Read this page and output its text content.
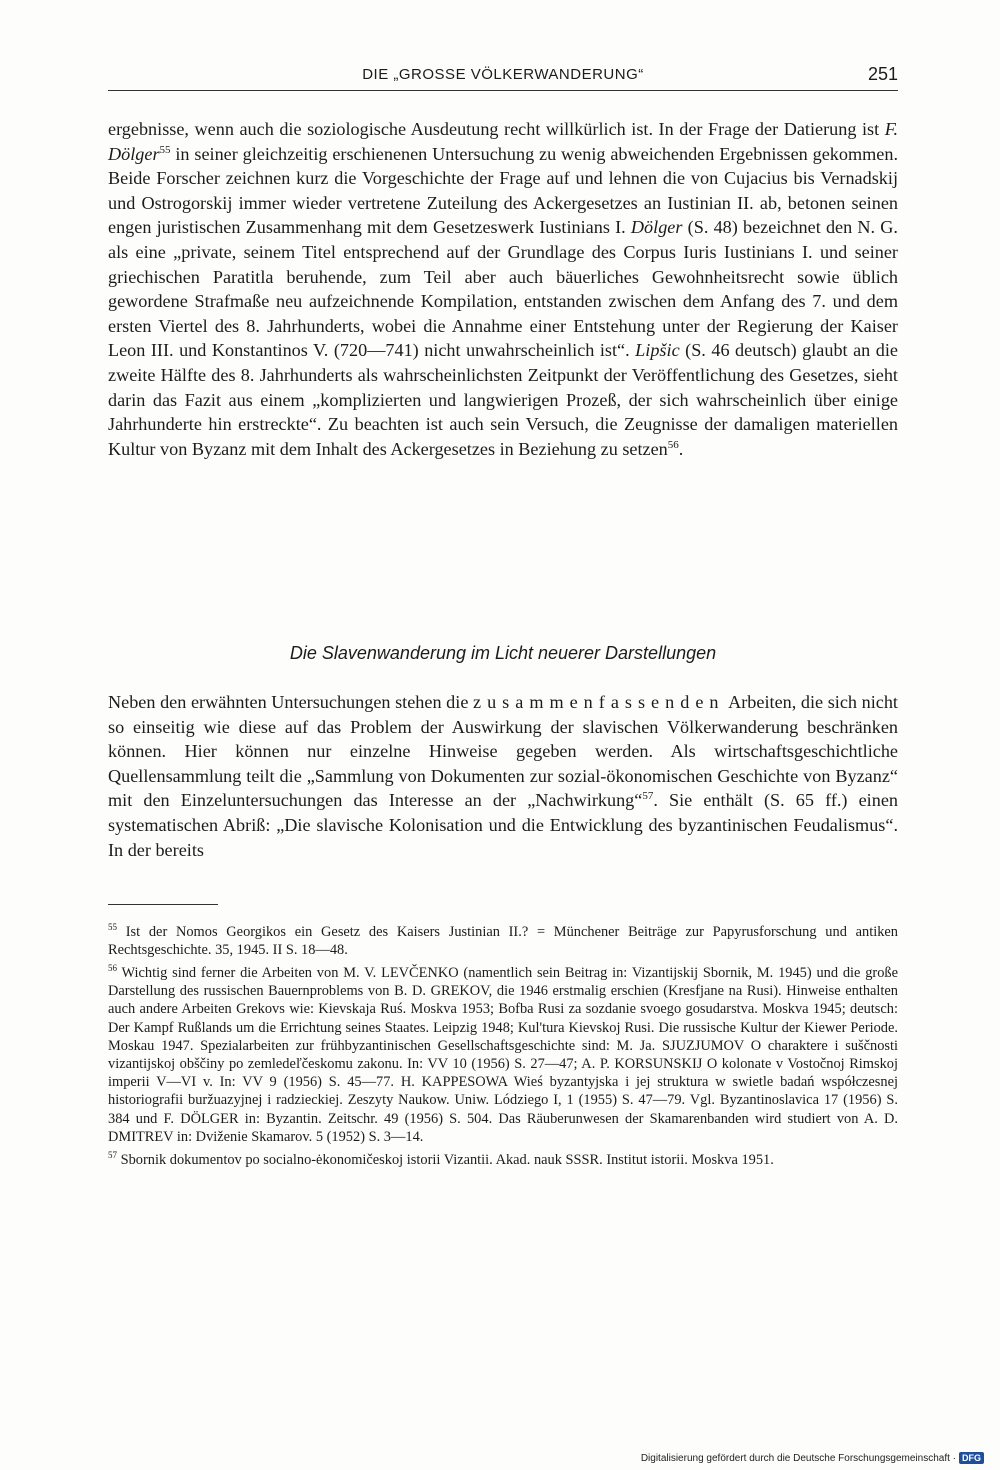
DIE „GROSSE VÖLKERWANDERUNG“	251

ergebnisse, wenn auch die soziologische Ausdeutung recht willkürlich ist. In der Frage der Datierung ist F. Dölger$^{55}$ in seiner gleichzeitig erschienenen Untersuchung zu wenig abweichenden Ergebnissen gekommen. Beide Forscher zeichnen kurz die Vorgeschichte der Frage auf und lehnen die von Cujacius bis Vernadskij und Ostrogorskij immer wieder vertretene Zuteilung des Ackergesetzes an Iustinian II. ab, betonen seinen engen juristischen Zusammenhang mit dem Gesetzeswerk Iustinians I. Dölger (S. 48) bezeichnet den N. G. als eine „private, seinem Titel entsprechend auf der Grundlage des Corpus Iuris Iustinians I. und seiner griechischen Paratitla beruhende, zum Teil aber auch bäuerliches Gewohnheitsrecht sowie üblich gewordene Strafmaße neu aufzeichnende Kompilation, entstanden zwischen dem Anfang des 7. und dem ersten Viertel des 8. Jahrhunderts, wobei die Annahme einer Entstehung unter der Regierung der Kaiser Leon III. und Konstantinos V. (720—741) nicht unwahrscheinlich ist“. Lipšic (S. 46 deutsch) glaubt an die zweite Hälfte des 8. Jahrhunderts als wahrscheinlichsten Zeitpunkt der Veröffentlichung des Gesetzes, sieht darin das Fazit aus einem „komplizierten und langwierigen Prozeß, der sich wahrscheinlich über einige Jahrhunderte hin erstreckte“. Zu beachten ist auch sein Versuch, die Zeugnisse der damaligen materiellen Kultur von Byzanz mit dem Inhalt des Ackergesetzes in Beziehung zu setzen$^{56}$.

Die Slavenwanderung im Licht neuerer Darstellungen

Neben den erwähnten Untersuchungen stehen die zusammenfassenden Arbeiten, die sich nicht so einseitig wie diese auf das Problem der Auswirkung der slavischen Völkerwanderung beschränken können. Hier können nur einzelne Hinweise gegeben werden. Als wirtschaftsgeschichtliche Quellensammlung teilt die „Sammlung von Dokumenten zur sozial-ökonomischen Geschichte von Byzanz“ mit den Einzeluntersuchungen das Interesse an der „Nachwirkung“$^{57}$. Sie enthält (S. 65 ff.) einen systematischen Abriß: „Die slavische Kolonisation und die Entwicklung des byzantinischen Feudalismus“. In der bereits

$^{55}$ Ist der Nomos Georgikos ein Gesetz des Kaisers Justinian II.? = Münchener Beiträge zur Papyrusforschung und antiken Rechtsgeschichte. 35, 1945. II S. 18—48.

$^{56}$ Wichtig sind ferner die Arbeiten von M. V. LEVČENKO (namentlich sein Beitrag in: Vizantijskij Sbornik, M. 1945) und die große Darstellung des russischen Bauernproblems von B. D. GREKOV, die 1946 erstmalig erschien (Kresfjane na Rusi). Hinweise enthalten auch andere Arbeiten Grekovs wie: Kievskaja Ruś. Moskva 1953; Bofba Rusi za sozdanie svoego gosudarstva. Moskva 1945; deutsch: Der Kampf Rußlands um die Errichtung seines Staates. Leipzig 1948; Kul'tura Kievskoj Rusi. Die russische Kultur der Kiewer Periode. Moskau 1947. Spezialarbeiten zur frühbyzantinischen Gesellschaftsgeschichte sind: M. Ja. SJUZJUMOV O charaktere i suščnosti vizantijskoj obščiny po zemledeľčeskomu zakonu. In: VV 10 (1956) S. 27—47; A. P. KORSUNSKIJ O kolonate v Vostočnoj Rimskoj imperii V—VI v. In: VV 9 (1956) S. 45—77. H. KAPPESOWA Wieś byzantyjska i jej struktura w swietle badań współczesnej historiografii buržuazyjnej i radzieckiej. Zeszyty Naukow. Uniw. Lódziego I, 1 (1955) S. 47—79. Vgl. Byzantinoslavica 17 (1956) S. 384 und F. DÖLGER in: Byzantin. Zeitschr. 49 (1956) S. 504. Das Räuberunwesen der Skamarenbanden wird studiert von A. D. DMITREV in: Dviženie Skamarov. 5 (1952) S. 3—14.

$^{57}$ Sbornik dokumentov po socialno-ėkonomičeskoj istorii Vizantii. Akad. nauk SSSR. Institut istorii. Moskva 1951.

Digitalisierung gefördert durch die Deutsche Forschungsgemeinschaft · DFG
